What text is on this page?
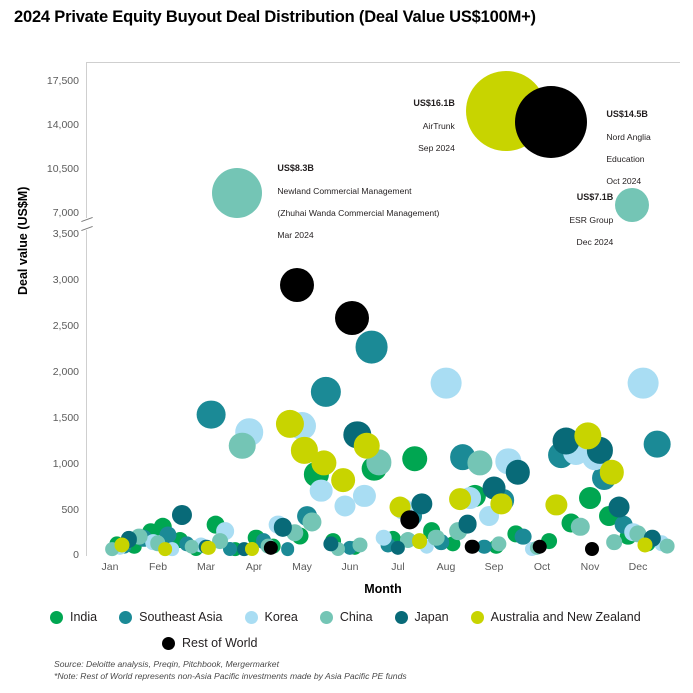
2024 Private Equity Buyout Deal Distribution (Deal Value US$100M+)
Deal value (US$M)
17,500
14,000
10,500
7,000
3,500
3,000
2,500
2,000
1,500
1,000
500
0
Jan	Feb	Mar	Apr	May	Jun	Jul	Aug	Sep	Oct	Nov	Dec
Month

US$16.1B

AirTrunk

Sep 2024

US$14.5B

Nord Anglia

Education

Oct 2024

US$8.3B

Newland Commercial Management

(Zhuhai Wanda Commercial Management)

Mar 2024

US$7.1B

ESR Group

Dec 2024

India	Southeast Asia	Korea	China	Japan	Australia and New Zealand
Rest of World
Source: Deloitte analysis, Preqin, Pitchbook, Mergermarket
*Note: Rest of World represents non-Asia Pacific investments made by Asia Pacific PE funds
